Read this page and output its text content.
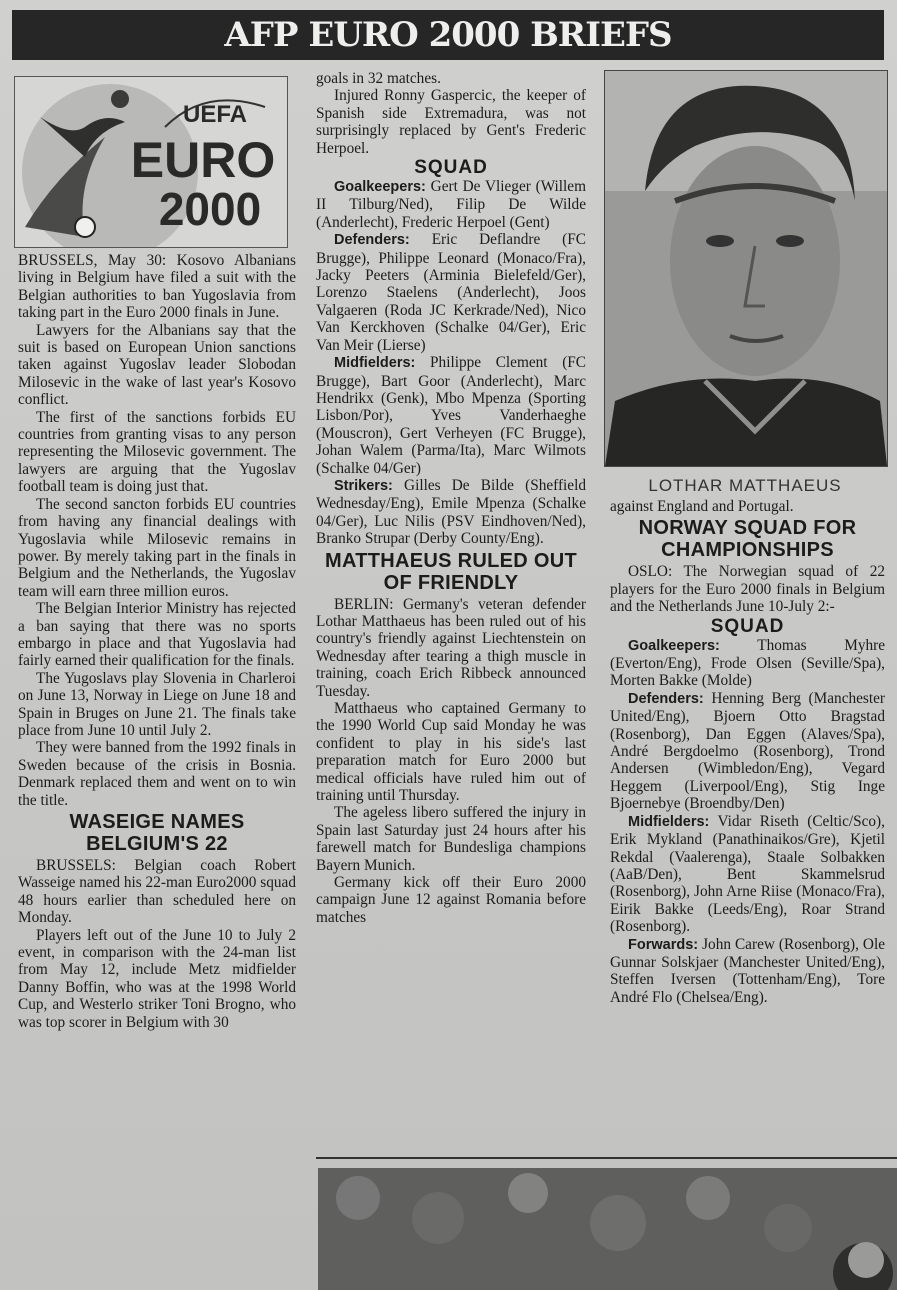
AFP EURO 2000 BRIEFS
UEFA
EURO
2000

BRUSSELS, May 30: Kosovo Albanians living in Belgium have filed a suit with the Belgian authorities to ban Yugoslavia from taking part in the Euro 2000 finals in June.

Lawyers for the Albanians say that the suit is based on European Union sanctions taken against Yugoslav leader Slobodan Milosevic in the wake of last year's Kosovo conflict.

The first of the sanctions forbids EU countries from granting visas to any person representing the Milosevic government. The lawyers are arguing that the Yugoslav football team is doing just that.

The second sancton forbids EU countries from having any financial dealings with Yugoslavia while Milosevic remains in power. By merely taking part in the finals in Belgium and the Netherlands, the Yugoslav team will earn three million euros.

The Belgian Interior Ministry has rejected a ban saying that there was no sports embargo in place and that Yugoslavia had fairly earned their qualification for the finals.

The Yugoslavs play Slovenia in Charleroi on June 13, Norway in Liege on June 18 and Spain in Bruges on June 21. The finals take place from June 10 until July 2.

They were banned from the 1992 finals in Sweden because of the crisis in Bosnia. Denmark replaced them and went on to win the title.

WASEIGE NAMES BELGIUM'S 22

BRUSSELS: Belgian coach Robert Wasseige named his 22-man Euro2000 squad 48 hours earlier than scheduled here on Monday.

Players left out of the June 10 to July 2 event, in comparison with the 24-man list from May 12, include Metz midfielder Danny Boffin, who was at the 1998 World Cup, and Westerlo striker Toni Brogno, who was top scorer in Belgium with 30

goals in 32 matches.

Injured Ronny Gaspercic, the keeper of Spanish side Extremadura, was not surprisingly replaced by Gent's Frederic Herpoel.

SQUAD

Goalkeepers: Gert De Vlieger (Willem II Tilburg/Ned), Filip De Wilde (Anderlecht), Frederic Herpoel (Gent)

Defenders: Eric Deflandre (FC Brugge), Philippe Leonard (Monaco/Fra), Jacky Peeters (Arminia Bielefeld/Ger), Lorenzo Staelens (Anderlecht), Joos Valgaeren (Roda JC Kerkrade/Ned), Nico Van Kerckhoven (Schalke 04/Ger), Eric Van Meir (Lierse)

Midfielders: Philippe Clement (FC Brugge), Bart Goor (Anderlecht), Marc Hendrikx (Genk), Mbo Mpenza (Sporting Lisbon/Por), Yves Vanderhaeghe (Mouscron), Gert Verheyen (FC Brugge), Johan Walem (Parma/Ita), Marc Wilmots (Schalke 04/Ger)

Strikers: Gilles De Bilde (Sheffield Wednesday/Eng), Emile Mpenza (Schalke 04/Ger), Luc Nilis (PSV Eindhoven/Ned), Branko Strupar (Derby County/Eng).

MATTHAEUS RULED OUT OF FRIENDLY

BERLIN: Germany's veteran defender Lothar Matthaeus has been ruled out of his country's friendly against Liechtenstein on Wednesday after tearing a thigh muscle in training, coach Erich Ribbeck announced Tuesday.

Matthaeus who captained Germany to the 1990 World Cup said Monday he was confident to play in his side's last preparation match for Euro 2000 but medical officials have ruled him out of training until Thursday.

The ageless libero suffered the injury in Spain last Saturday just 24 hours after his farewell match for Bundesliga champions Bayern Munich.

Germany kick off their Euro 2000 campaign June 12 against Romania before matches

LOTHAR MATTHAEUS

against England and Portugal.

NORWAY SQUAD FOR CHAMPIONSHIPS

OSLO: The Norwegian squad of 22 players for the Euro 2000 finals in Belgium and the Netherlands June 10-July 2:-

SQUAD

Goalkeepers: Thomas Myhre (Everton/Eng), Frode Olsen (Seville/Spa), Morten Bakke (Molde)

Defenders: Henning Berg (Manchester United/Eng), Bjoern Otto Bragstad (Rosenborg), Dan Eggen (Alaves/Spa), André Bergdoelmo (Rosenborg), Trond Andersen (Wimbledon/Eng), Vegard Heggem (Liverpool/Eng), Stig Inge Bjoernebye (Broendby/Den)

Midfielders: Vidar Riseth (Celtic/Sco), Erik Mykland (Panathinaikos/Gre), Kjetil Rekdal (Vaalerenga), Staale Solbakken (AaB/Den), Bent Skammelsrud (Rosenborg), John Arne Riise (Monaco/Fra), Eirik Bakke (Leeds/Eng), Roar Strand (Rosenborg).

Forwards: John Carew (Rosenborg), Ole Gunnar Solskjaer (Manchester United/Eng), Steffen Iversen (Tottenham/Eng), Tore André Flo (Chelsea/Eng).
